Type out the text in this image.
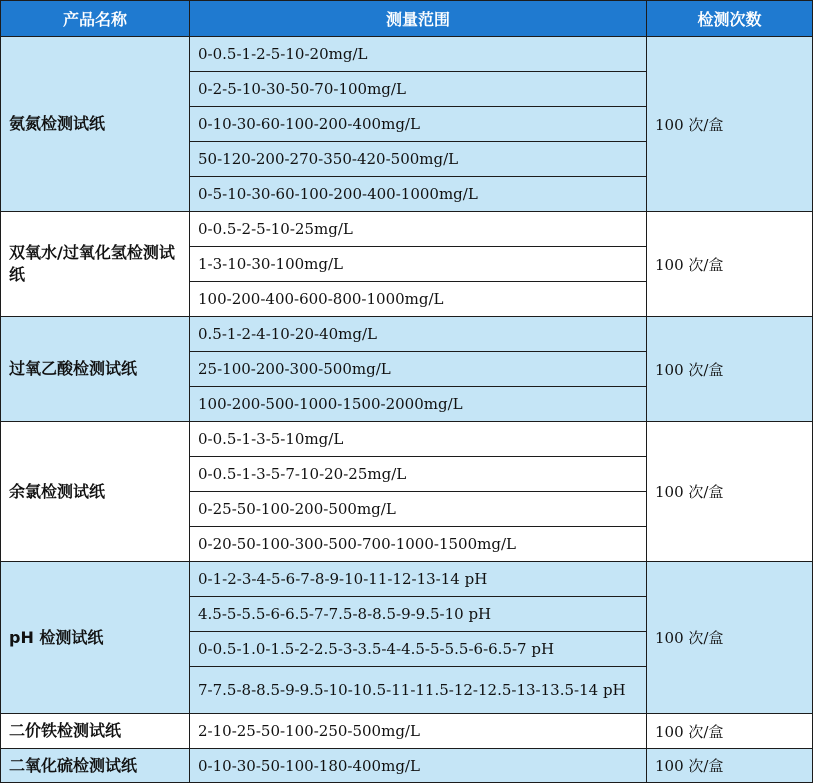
产品名称	测量范围	检测次数
氨氮检测试纸	0-0.5-1-2-5-10-20mg/L	100 次/盒
	0-2-5-10-30-50-70-100mg/L	
	0-10-30-60-100-200-400mg/L	
	50-120-200-270-350-420-500mg/L	
	0-5-10-30-60-100-200-400-1000mg/L	
双氧水/过氧化氢检测试纸	0-0.5-2-5-10-25mg/L	100 次/盒
	1-3-10-30-100mg/L	
	100-200-400-600-800-1000mg/L	
过氧乙酸检测试纸	0.5-1-2-4-10-20-40mg/L	100 次/盒
	25-100-200-300-500mg/L	
	100-200-500-1000-1500-2000mg/L	
余氯检测试纸	0-0.5-1-3-5-10mg/L	100 次/盒
	0-0.5-1-3-5-7-10-20-25mg/L	
	0-25-50-100-200-500mg/L	
	0-20-50-100-300-500-700-1000-1500mg/L	
pH 检测试纸	0-1-2-3-4-5-6-7-8-9-10-11-12-13-14 pH	100 次/盒
	4.5-5-5.5-6-6.5-7-7.5-8-8.5-9-9.5-10 pH	
	0-0.5-1.0-1.5-2-2.5-3-3.5-4-4.5-5-5.5-6-6.5-7 pH	
	7-7.5-8-8.5-9-9.5-10-10.5-11-11.5-12-12.5-13-13.5-14 pH	
二价铁检测试纸	2-10-25-50-100-250-500mg/L	100 次/盒
二氧化硫检测试纸	0-10-30-50-100-180-400mg/L	100 次/盒
